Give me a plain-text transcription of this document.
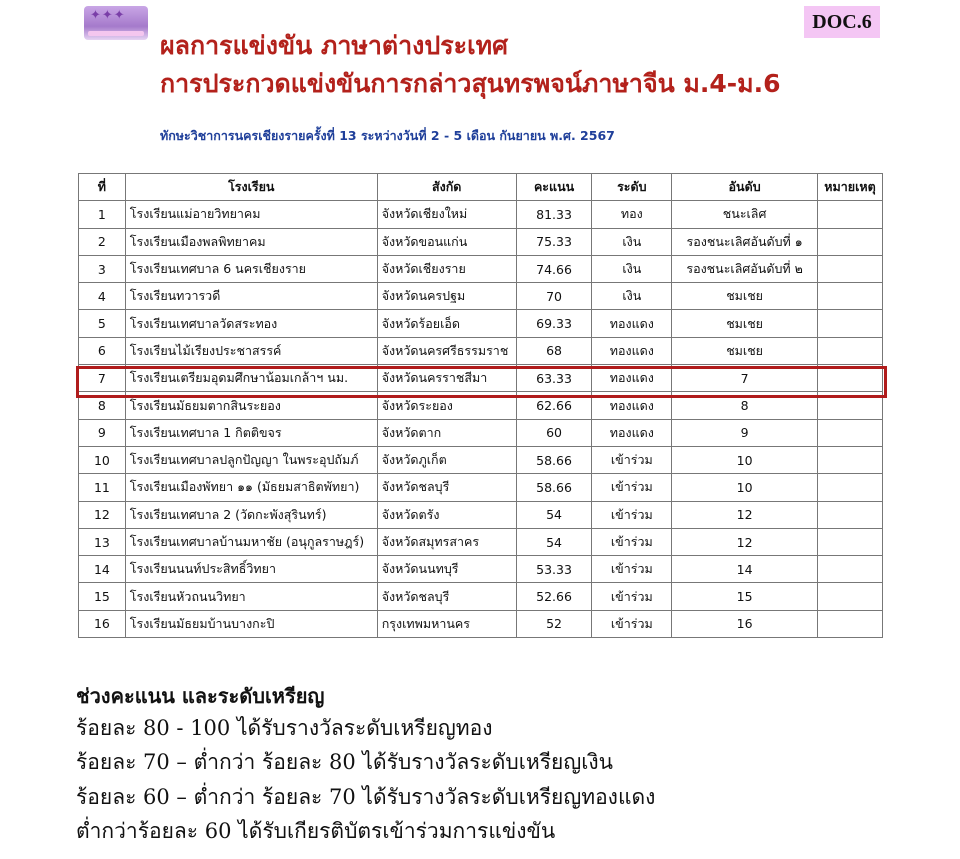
✦✦✦	DOC.6
ผลการแข่งขัน ภาษาต่างประเทศ
การประกวดแข่งขันการกล่าวสุนทรพจน์ภาษาจีน ม.4-ม.6
ทักษะวิชาการนครเชียงรายครั้งที่ 13 ระหว่างวันที่ 2 - 5 เดือน กันยายน พ.ศ. 2567
ที่	โรงเรียน	สังกัด	คะแนน	ระดับ	อันดับ	หมายเหตุ
1	โรงเรียนแม่อายวิทยาคม	จังหวัดเชียงใหม่	81.33	ทอง	ชนะเลิศ	
2	โรงเรียนเมืองพลพิทยาคม	จังหวัดขอนแก่น	75.33	เงิน	รองชนะเลิศอันดับที่ ๑	
3	โรงเรียนเทศบาล 6 นครเชียงราย	จังหวัดเชียงราย	74.66	เงิน	รองชนะเลิศอันดับที่ ๒	
4	โรงเรียนทวารวดี	จังหวัดนครปฐม	70	เงิน	ชมเชย	
5	โรงเรียนเทศบาลวัดสระทอง	จังหวัดร้อยเอ็ด	69.33	ทองแดง	ชมเชย	
6	โรงเรียนไม้เรียงประชาสรรค์	จังหวัดนครศรีธรรมราช	68	ทองแดง	ชมเชย	
7	โรงเรียนเตรียมอุดมศึกษาน้อมเกล้าฯ นม.	จังหวัดนครราชสีมา	63.33	ทองแดง	7	
8	โรงเรียนมัธยมตากสินระยอง	จังหวัดระยอง	62.66	ทองแดง	8	
9	โรงเรียนเทศบาล 1 กิตติขจร	จังหวัดตาก	60	ทองแดง	9	
10	โรงเรียนเทศบาลปลูกปัญญา ในพระอุปถัมภ์	จังหวัดภูเก็ต	58.66	เข้าร่วม	10	
11	โรงเรียนเมืองพัทยา ๑๑ (มัธยมสาธิตพัทยา)	จังหวัดชลบุรี	58.66	เข้าร่วม	10	
12	โรงเรียนเทศบาล 2 (วัดกะพังสุรินทร์)	จังหวัดตรัง	54	เข้าร่วม	12	
13	โรงเรียนเทศบาลบ้านมหาชัย (อนุกูลราษฎร์)	จังหวัดสมุทรสาคร	54	เข้าร่วม	12	
14	โรงเรียนนนท์ประสิทธิ์วิทยา	จังหวัดนนทบุรี	53.33	เข้าร่วม	14	
15	โรงเรียนหัวถนนวิทยา	จังหวัดชลบุรี	52.66	เข้าร่วม	15	
16	โรงเรียนมัธยมบ้านบางกะปิ	กรุงเทพมหานคร	52	เข้าร่วม	16	
ช่วงคะแนน และระดับเหรียญ
ร้อยละ 80 - 100 ได้รับรางวัลระดับเหรียญทอง
ร้อยละ 70 – ต่ำกว่า ร้อยละ 80 ได้รับรางวัลระดับเหรียญเงิน
ร้อยละ 60 – ต่ำกว่า ร้อยละ 70 ได้รับรางวัลระดับเหรียญทองแดง
ต่ำกว่าร้อยละ 60 ได้รับเกียรติบัตรเข้าร่วมการแข่งขัน
